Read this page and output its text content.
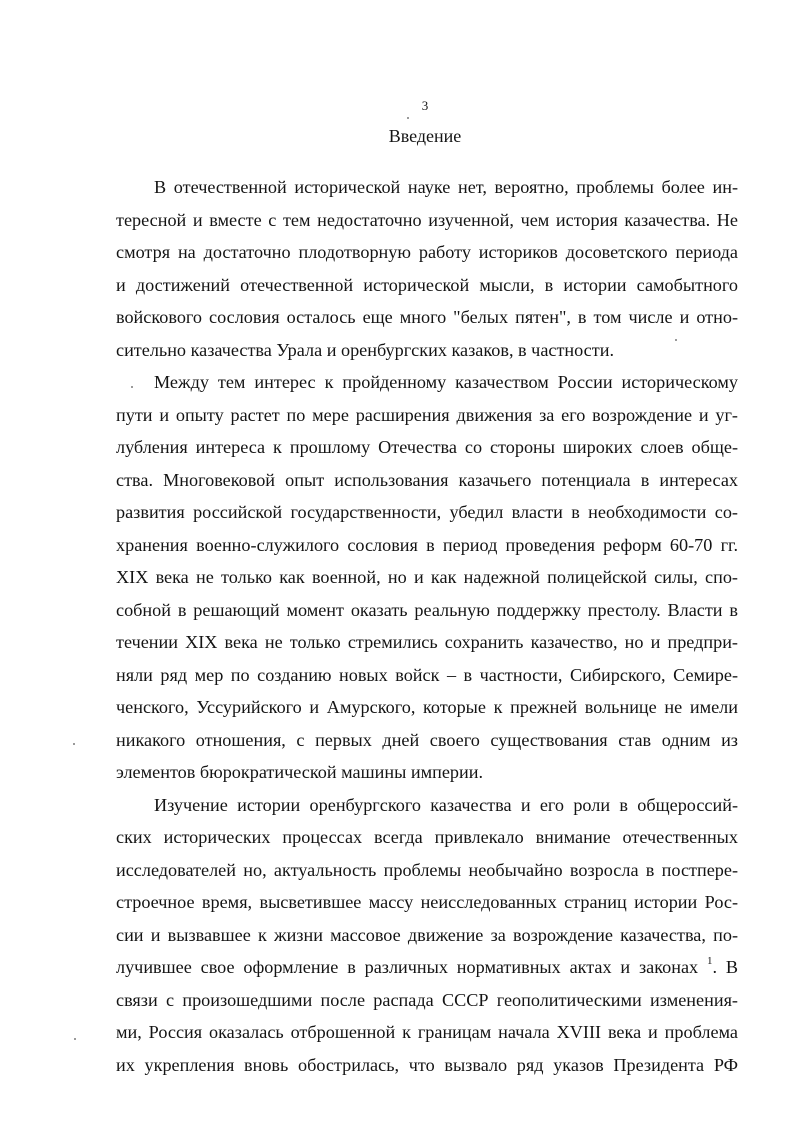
3
Введение
В отечественной исторической науке нет, вероятно, проблемы более ин-
тересной и вместе с тем недостаточно изученной, чем история казачества. Не
смотря на достаточно плодотворную работу историков досоветского периода
и достижений отечественной исторической мысли, в истории самобытного
войскового сословия осталось еще много "белых пятен", в том числе и отно-
сительно казачества Урала и оренбургских казаков, в частности.
Между тем интерес к пройденному казачеством России историческому
пути и опыту растет по мере расширения движения за его возрождение и уг-
лубления интереса к прошлому Отечества со стороны широких слоев обще-
ства. Многовековой опыт использования казачьего потенциала в интересах
развития российской государственности, убедил власти в необходимости со-
хранения военно-служилого сословия в период проведения реформ 60-70 гг.
XIX века не только как военной, но и как надежной полицейской силы, спо-
собной в решающий момент оказать реальную поддержку престолу. Власти в
течении XIX века не только стремились сохранить казачество, но и предпри-
няли ряд мер по созданию новых войск – в частности, Сибирского, Семире-
ченского, Уссурийского и Амурского, которые к прежней вольнице не имели
никакого отношения, с первых дней своего существования став одним из
элементов бюрократической машины империи.
Изучение истории оренбургского казачества и его роли в общероссий-
ских исторических процессах всегда привлекало внимание отечественных
исследователей но, актуальность проблемы необычайно возросла в постпере-
строечное время, высветившее массу неисследованных страниц истории Рос-
сии и вызвавшее к жизни массовое движение за возрождение казачества, по-
лучившее свое оформление в различных нормативных актах и законах $^1$. В
связи с произошедшими после распада СССР геополитическими изменения-
ми, Россия оказалась отброшенной к границам начала XVIII века и проблема
их укрепления вновь обострилась, что вызвало ряд указов Президента РФ
